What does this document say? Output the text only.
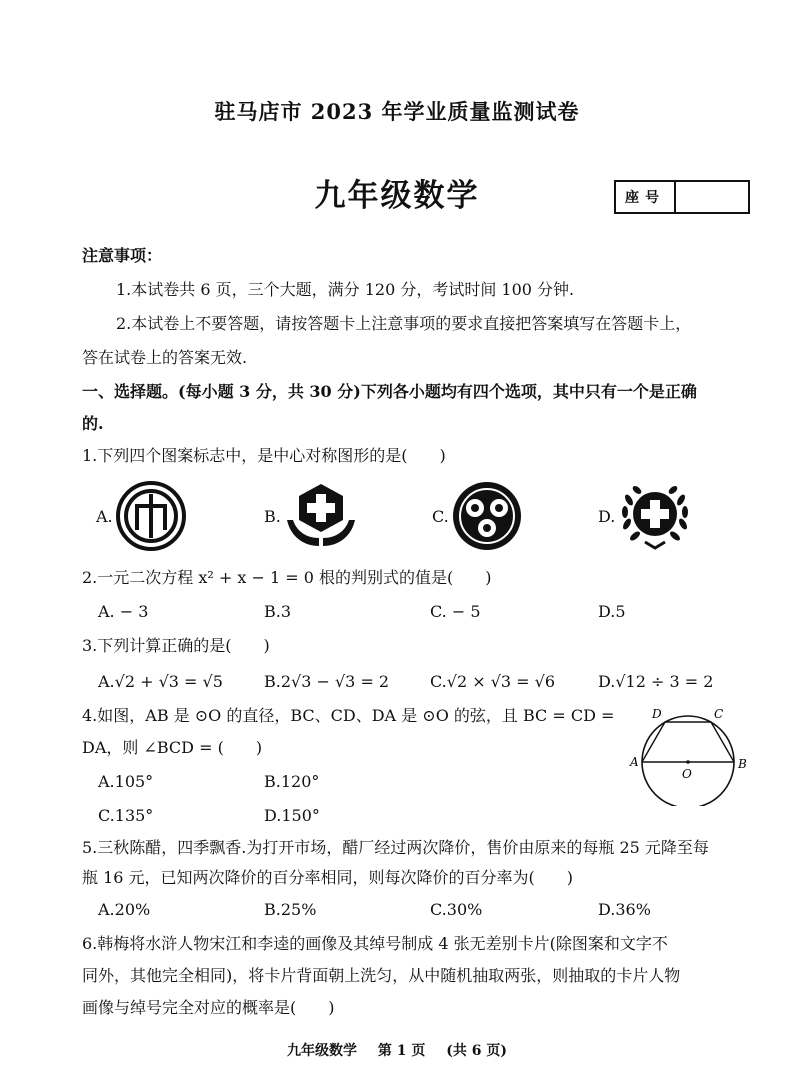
驻马店市 2023 年学业质量监测试卷
九年级数学	座号
注意事项：
1.本试卷共 6 页，三个大题，满分 120 分，考试时间 100 分钟.
2.本试卷上不要答题，请按答题卡上注意事项的要求直接把答案填写在答题卡上，
答在试卷上的答案无效.
一、选择题。(每小题 3 分，共 30 分)下列各小题均有四个选项，其中只有一个是正确
的.
1.下列四个图案标志中，是中心对称图形的是(　　)
A.	B.	C.	D.
2.一元二次方程 x² + x − 1 = 0 根的判别式的值是(　　)
A. − 3	B.3	C. − 5	D.5
3.下列计算正确的是(　　)
A.√2 + √3 = √5	B.2√3 − √3 = 2	C.√2 × √3 = √6	D.√12 ÷ 3 = 2
4.如图，AB 是 ⊙O 的直径，BC、CD、DA 是 ⊙O 的弦，且 BC = CD =
DA，则 ∠BCD = (　　)
A.105°	B.120°
C.135°	D.150°
A	B
C
D
O
5.三秋陈醋，四季飘香.为打开市场，醋厂经过两次降价，售价由原来的每瓶 25 元降至每
瓶 16 元，已知两次降价的百分率相同，则每次降价的百分率为(　　)
A.20%	B.25%	C.30%	D.36%
6.韩梅将水浒人物宋江和李逵的画像及其绰号制成 4 张无差别卡片(除图案和文字不
同外，其他完全相同)，将卡片背面朝上洗匀，从中随机抽取两张，则抽取的卡片人物
画像与绰号完全对应的概率是(　　)
九年级数学 第 1 页 (共 6 页)
